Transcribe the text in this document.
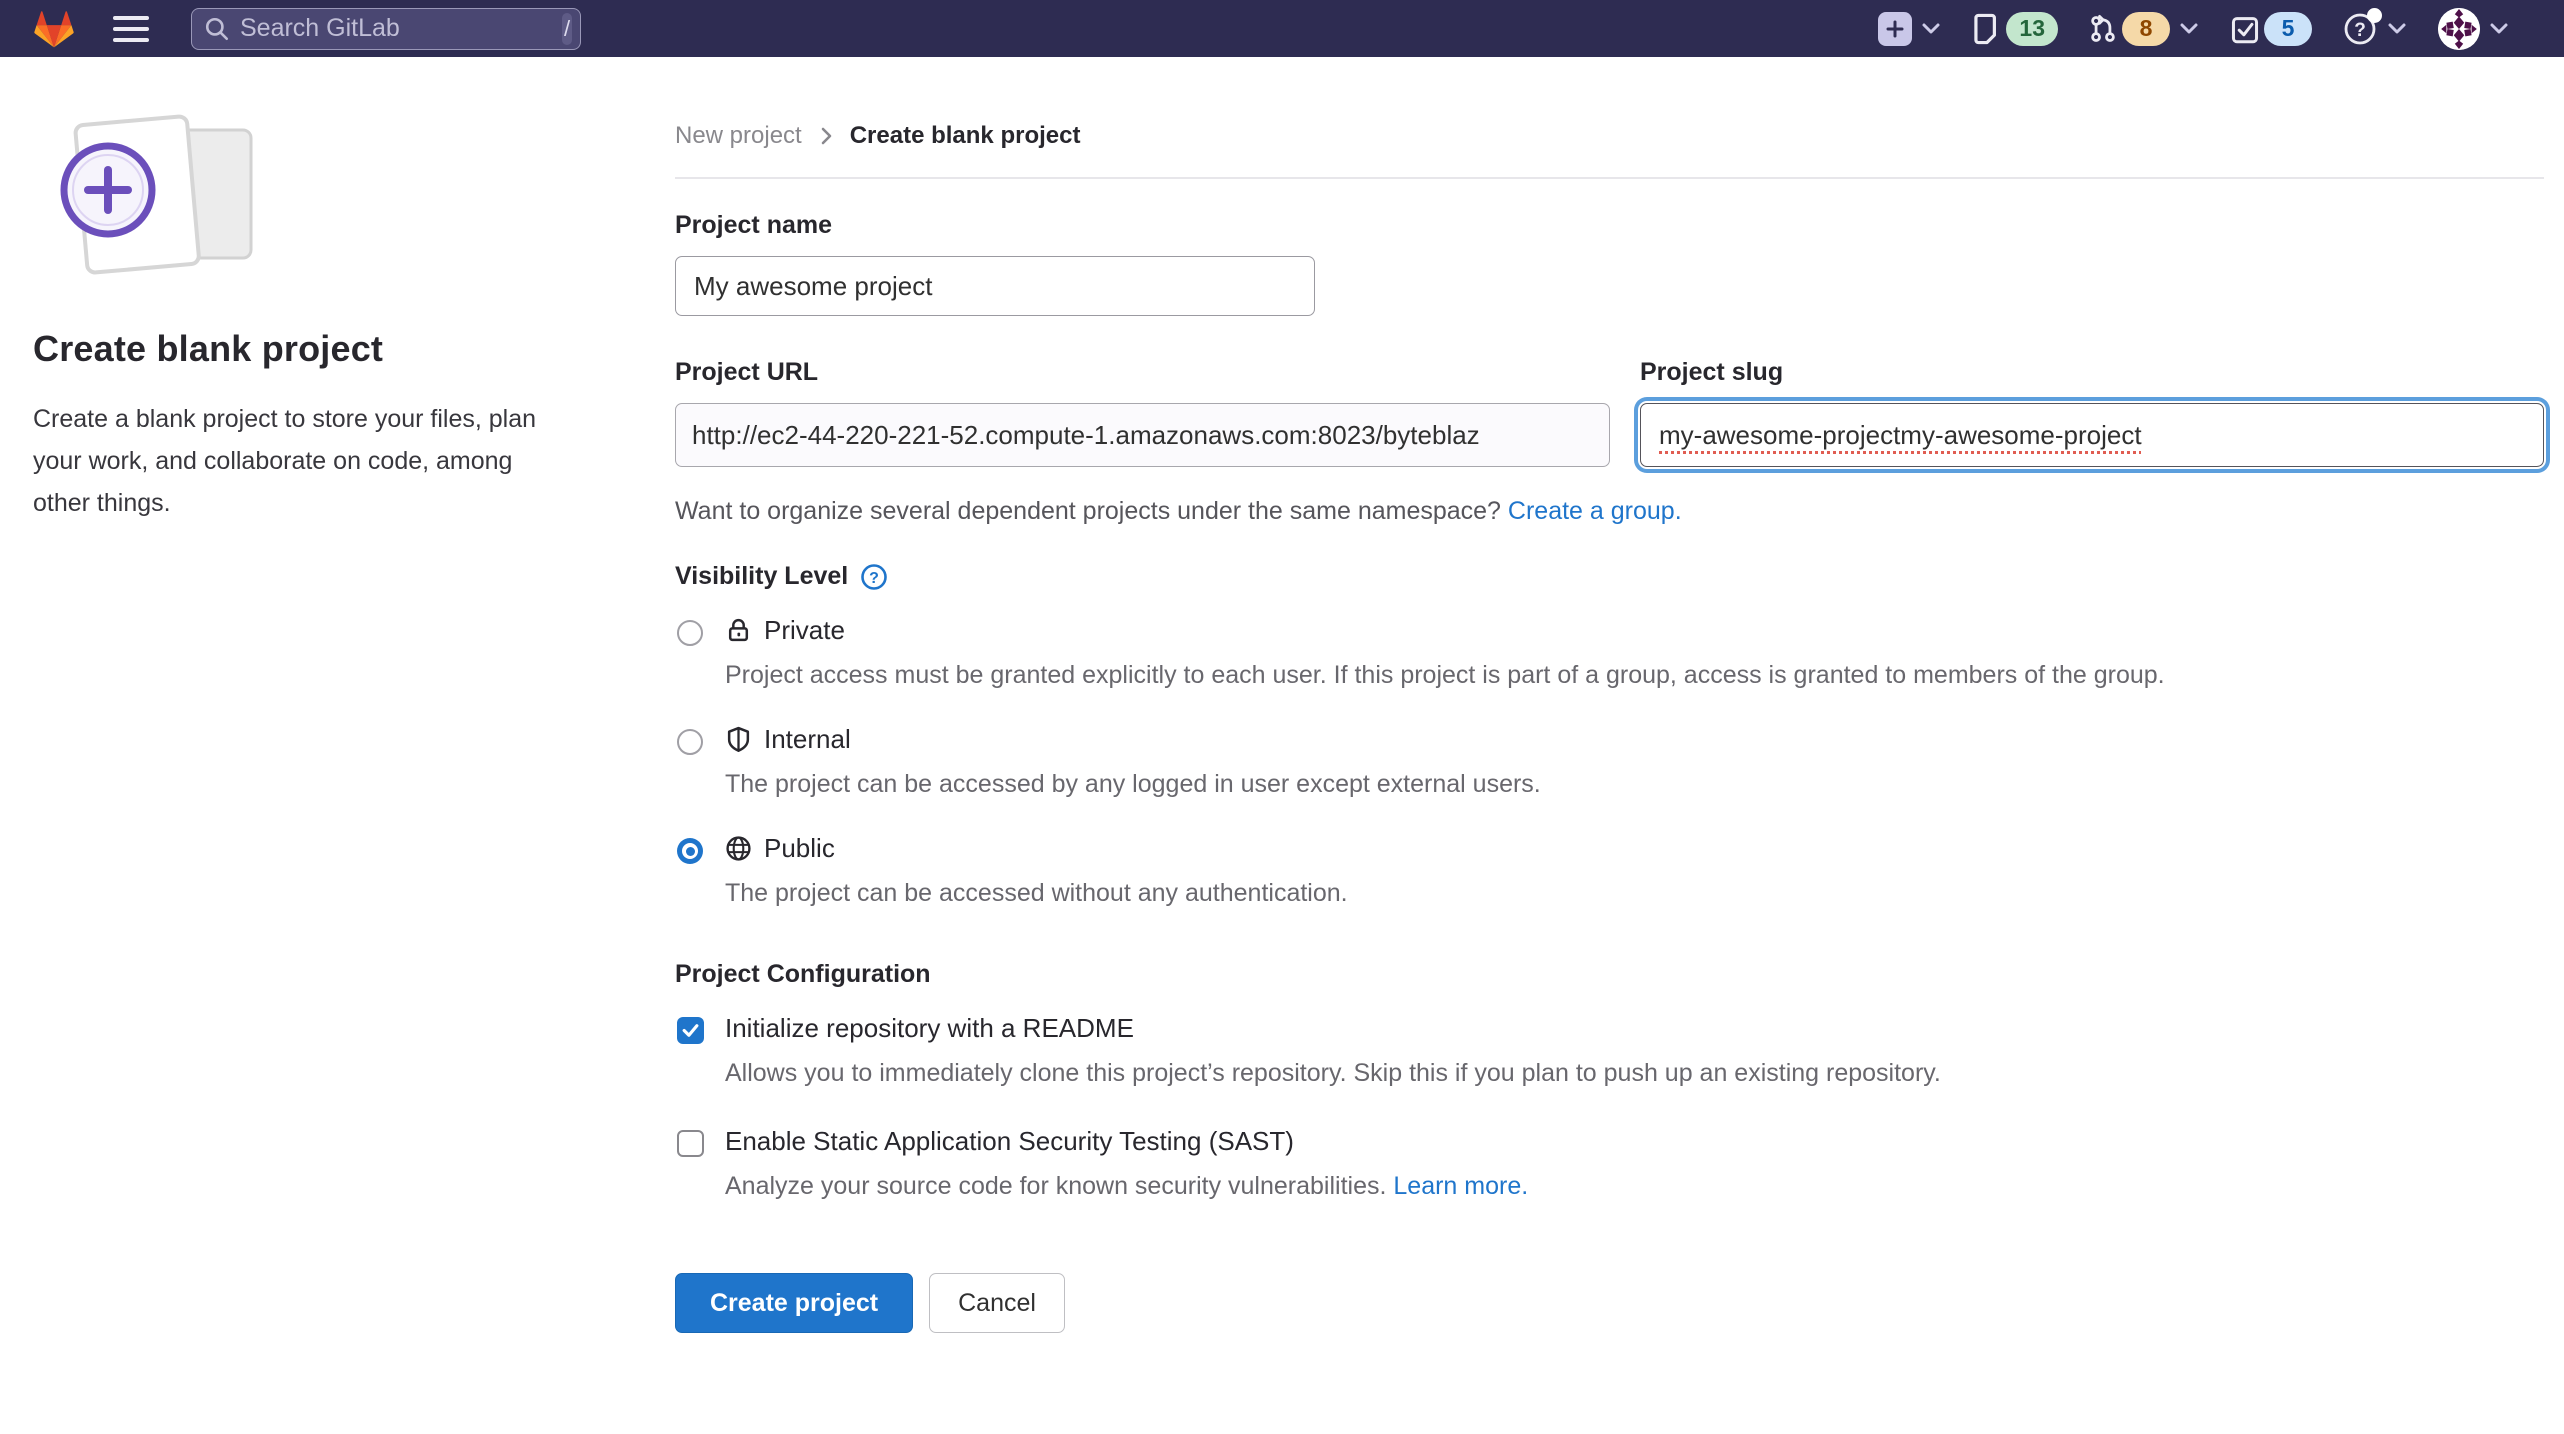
Search GitLab
/	13	8	5	?
Create blank project
Create a blank project to store your files, plan your work, and collaborate on code, among other things.
New project Create blank project
Project name
My awesome project
Project URL
http://ec2-44-220-221-52.compute-1.amazonaws.com:8023/byteblaz
Project slug
my-awesome-projectmy-awesome-project
Want to organize several dependent projects under the same namespace? Create a group.
Visibility Level ?
Private
Project access must be granted explicitly to each user. If this project is part of a group, access is granted to members of the group.
Internal
The project can be accessed by any logged in user except external users.
Public
The project can be accessed without any authentication.
Project Configuration
Initialize repository with a README
Allows you to immediately clone this project’s repository. Skip this if you plan to push up an existing repository.
Enable Static Application Security Testing (SAST)
Analyze your source code for known security vulnerabilities. Learn more.
Create project	Cancel
